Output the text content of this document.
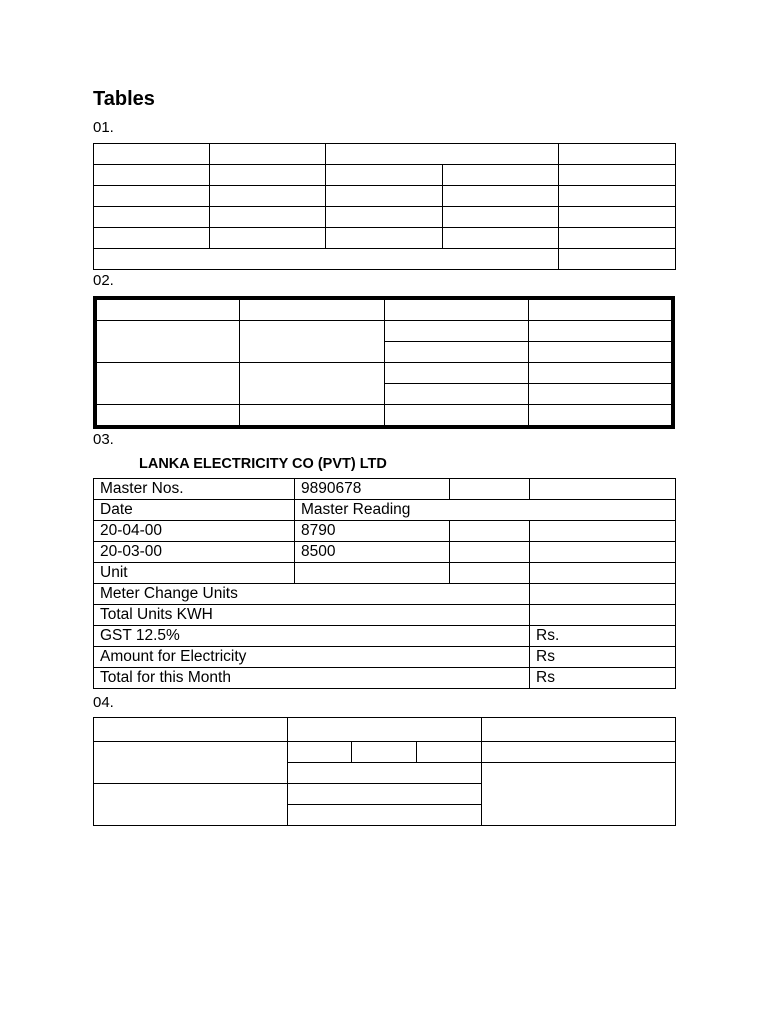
Tables
01.

02.

03.
LANKA ELECTRICITY CO (PVT) LTD
Master Nos.	9890678		
Date	Master Reading		
20-04-00	8790		
20-03-00	8500		
Unit			
Meter Change Units			
Total Units KWH			
GST 12.5%			Rs.
Amount for Electricity			Rs
Total for this Month			Rs
04.
